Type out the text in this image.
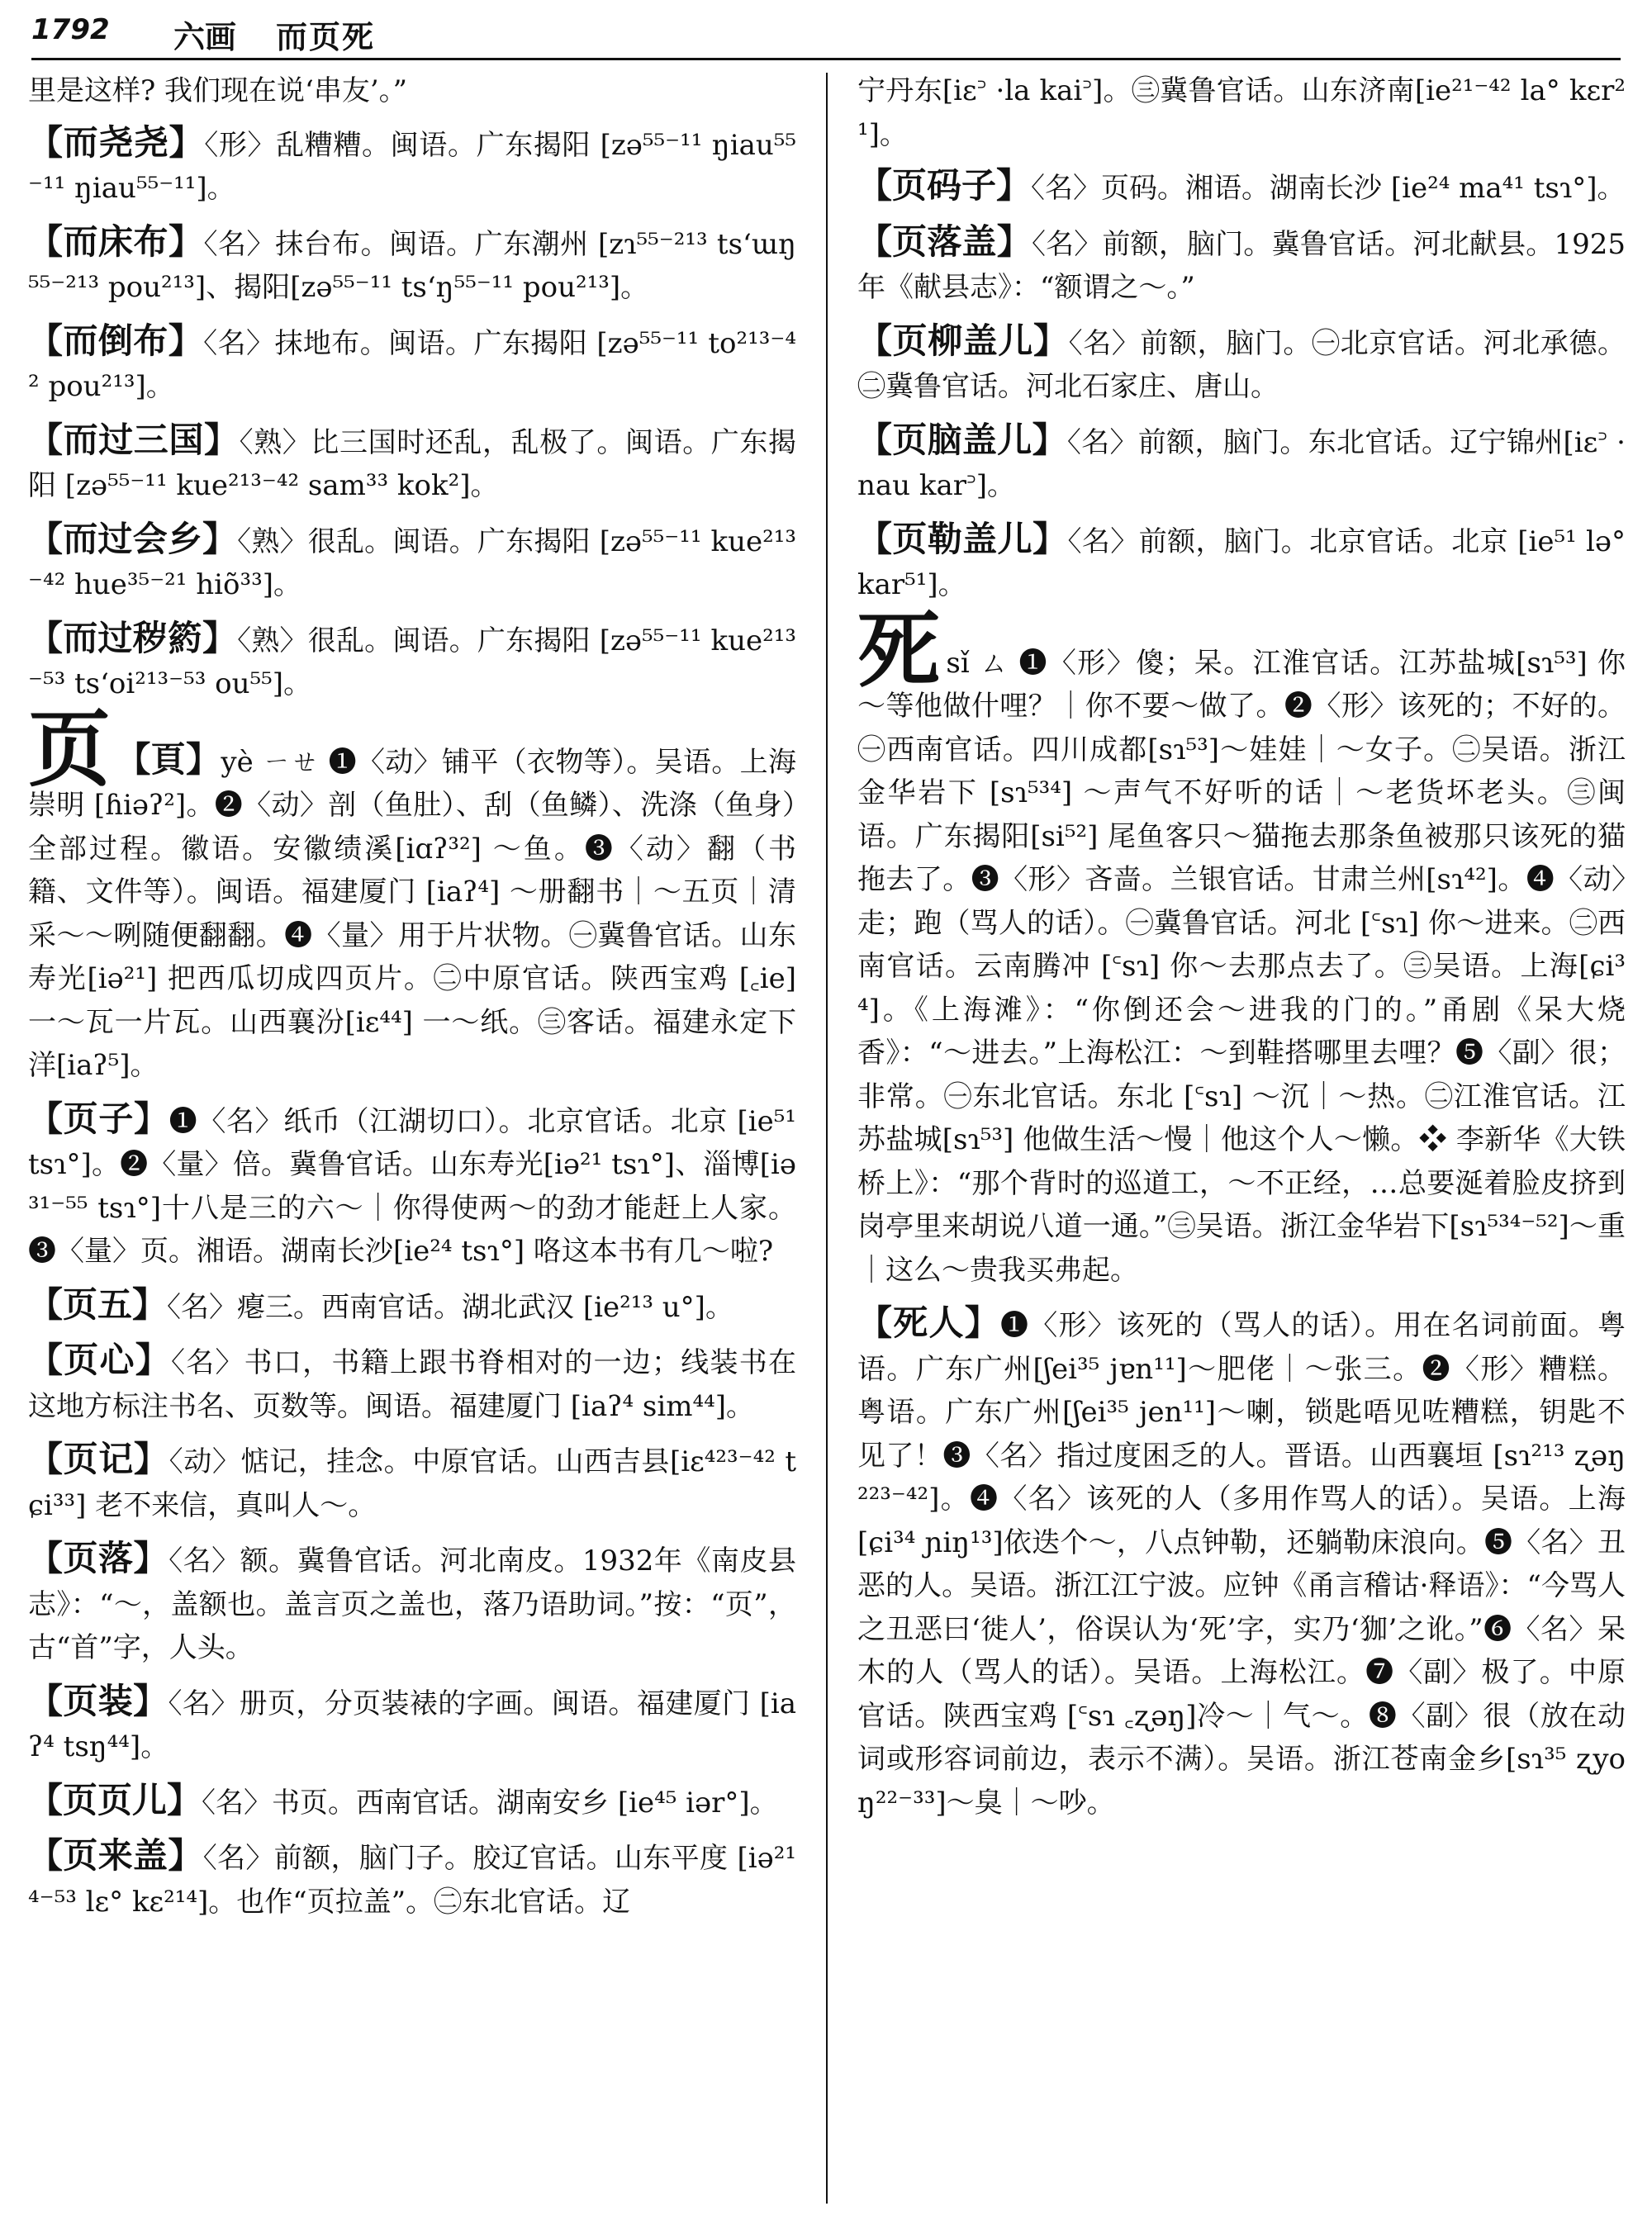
1792 六画 而页死

里是这样? 我们现在说‘串友’。”

【而尧尧】〈形〉乱糟糟。闽语。广东揭阳 [zə⁵⁵⁻¹¹ ŋiau⁵⁵⁻¹¹ ŋiau⁵⁵⁻¹¹]。

【而床布】〈名〉抹台布。闽语。广东潮州 [zɿ⁵⁵⁻²¹³ tsʻɯŋ⁵⁵⁻²¹³ pou²¹³]、揭阳[zə⁵⁵⁻¹¹ tsʻŋ⁵⁵⁻¹¹ pou²¹³]。

【而倒布】〈名〉抹地布。闽语。广东揭阳 [zə⁵⁵⁻¹¹ to²¹³⁻⁴² pou²¹³]。

【而过三国】〈熟〉比三国时还乱，乱极了。闽语。广东揭阳 [zə⁵⁵⁻¹¹ kue²¹³⁻⁴² sam³³ kok²]。

【而过会乡】〈熟〉很乱。闽语。广东揭阳 [zə⁵⁵⁻¹¹ kue²¹³⁻⁴² hue³⁵⁻²¹ hiõ³³]。

【而过秽箹】〈熟〉很乱。闽语。广东揭阳 [zə⁵⁵⁻¹¹ kue²¹³⁻⁵³ tsʻoi²¹³⁻⁵³ ou⁵⁵]。

页 【頁】yè ㄧㄝ ❶〈动〉铺平（衣物等）。吴语。上海崇明 [ɦiəʔ²]。❷〈动〉剖（鱼肚）、刮（鱼鳞）、洗涤（鱼身）全部过程。徽语。安徽绩溪[iɑʔ³²] ～鱼。❸〈动〉翻（书籍、文件等）。闽语。福建厦门 [iaʔ⁴] ～册翻书｜～五页｜清采～～咧随便翻翻。❹〈量〉用于片状物。㊀冀鲁官话。山东寿光[iə²¹] 把西瓜切成四页片。㊁中原官话。陕西宝鸡 [꜀ie] 一～瓦一片瓦。山西襄汾[iɛ⁴⁴] 一～纸。㊂客话。福建永定下洋[iaʔ⁵]。

【页子】❶〈名〉纸币（江湖切口）。北京官话。北京 [ie⁵¹ tsɿ°]。❷〈量〉倍。冀鲁官话。山东寿光[iə²¹ tsɿ°]、淄博[iə³¹⁻⁵⁵ tsɿ°]十八是三的六～｜你得使两～的劲才能赶上人家。❸〈量〉页。湘语。湖南长沙[ie²⁴ tsɿ°] 咯这本书有几～啦?

【页五】〈名〉瘪三。西南官话。湖北武汉 [ie²¹³ u°]。

【页心】〈名〉书口，书籍上跟书脊相对的一边；线装书在这地方标注书名、页数等。闽语。福建厦门 [iaʔ⁴ sim⁴⁴]。

【页记】〈动〉惦记，挂念。中原官话。山西吉县[iɛ⁴²³⁻⁴² tɕi³³] 老不来信，真叫人～。

【页落】〈名〉额。冀鲁官话。河北南皮。1932年《南皮县志》：“～，盖额也。盖言页之盖也，落乃语助词。”按：“页”，古“首”字，人头。

【页装】〈名〉册页，分页装裱的字画。闽语。福建厦门 [iaʔ⁴ tsŋ⁴⁴]。

【页页儿】〈名〉书页。西南官话。湖南安乡 [ie⁴⁵ iər°]。

【页来盖】〈名〉前额，脑门子。胶辽官话。山东平度 [iə²¹⁴⁻⁵³ lɛ° kɛ²¹⁴]。也作“页拉盖”。㊁东北官话。辽

宁丹东[iɛ꜄ ·la kai꜄]。㊂冀鲁官话。山东济南[ie²¹⁻⁴² la° kɛr²¹]。

【页码子】〈名〉页码。湘语。湖南长沙 [ie²⁴ ma⁴¹ tsɿ°]。

【页落盖】〈名〉前额，脑门。冀鲁官话。河北献县。1925年《献县志》：“额谓之～。”

【页柳盖儿】〈名〉前额，脑门。㊀北京官话。河北承德。㊁冀鲁官话。河北石家庄、唐山。

【页脑盖儿】〈名〉前额，脑门。东北官话。辽宁锦州[iɛ꜄ · nau kar꜄]。

【页勒盖儿】〈名〉前额，脑门。北京官话。北京 [ie⁵¹ lə° kar⁵¹]。

死sǐ ㄙ ❶〈形〉傻；呆。江淮官话。江苏盐城[sɿ⁵³] 你～等他做什哩？｜你不要～做了。❷〈形〉该死的；不好的。㊀西南官话。四川成都[sɿ⁵³]～娃娃｜～女子。㊁吴语。浙江金华岩下 [sɿ⁵³⁴] ～声气不好听的话｜～老货坏老头。㊂闽语。广东揭阳[si⁵²] 尾鱼客只～猫拖去那条鱼被那只该死的猫拖去了。❸〈形〉吝啬。兰银官话。甘肃兰州[sɿ⁴²]。❹〈动〉走；跑（骂人的话）。㊀冀鲁官话。河北 [꜂sɿ] 你～进来。㊁西南官话。云南腾冲 [꜂sɿ] 你～去那点去了。㊂吴语。上海[ɕi³⁴]。《上海滩》：“你倒还会～进我的门的。”甬剧《呆大烧香》：“～进去。”上海松江：～到鞋搭哪里去哩？❺〈副〉很；非常。㊀东北官话。东北 [꜂sɿ] ～沉｜～热。㊁江淮官话。江苏盐城[sɿ⁵³] 他做生活～慢｜他这个人～懒。❖ 李新华《大铁桥上》：“那个背时的巡道工，～不正经，…总要涎着脸皮挤到岗亭里来胡说八道一通。”㊂吴语。浙江金华岩下[sɿ⁵³⁴⁻⁵²]～重｜这么～贵我买弗起。

【死人】❶〈形〉该死的（骂人的话）。用在名词前面。粤语。广东广州[ʃei³⁵ jɐn¹¹]～肥佬｜～张三。❷〈形〉糟糕。粤语。广东广州[ʃei³⁵ jen¹¹]～喇，锁匙唔见咗糟糕，钥匙不见了！❸〈名〉指过度困乏的人。晋语。山西襄垣 [sɿ²¹³ ʐəŋ²²³⁻⁴²]。❹〈名〉该死的人（多用作骂人的话）。吴语。上海[ɕi³⁴ ɲiŋ¹³]依迭个～，八点钟勒，还躺勒床浪向。❺〈名〉丑恶的人。吴语。浙江江宁波。应钟《甬言稽诂·释语》：“今骂人之丑恶曰‘徙人’，俗误认为‘死’字，实乃‘㹢’之讹。”❻〈名〉呆木的人（骂人的话）。吴语。上海松江。❼〈副〉极了。中原官话。陕西宝鸡 [꜂sɿ ꜀ʐəŋ]冷～｜气～。❽〈副〉很（放在动词或形容词前边，表示不满）。吴语。浙江苍南金乡[sɿ³⁵ ʐyoŋ²²⁻³³]～臭｜～吵。
